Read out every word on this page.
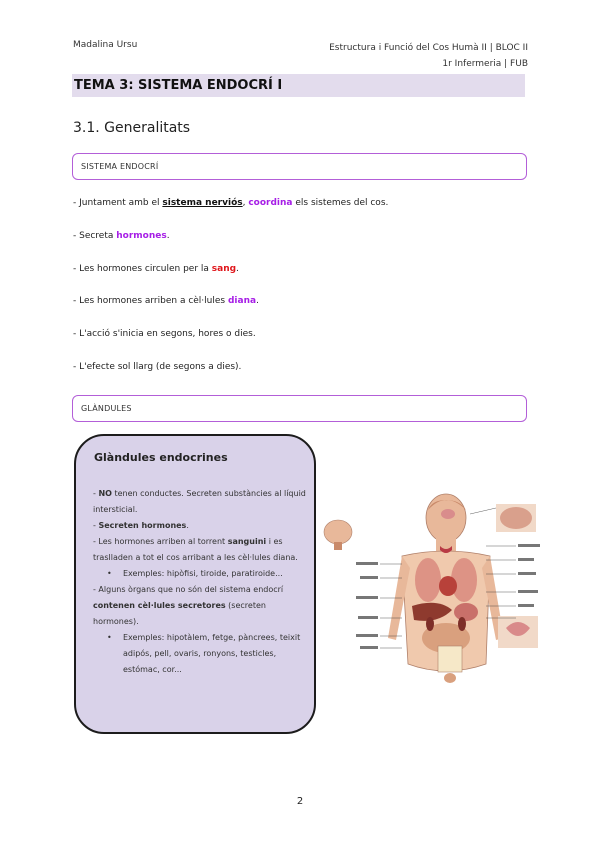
Madalina Ursu	Estructura i Funció del Cos Humà II | BLOC II
1r Infermeria | FUB
TEMA 3: SISTEMA ENDOCRÍ I
3.1. Generalitats
SISTEMA ENDOCRÍ
- Juntament amb el sistema nerviós, coordina els sistemes del cos.
- Secreta hormones.
- Les hormones circulen per la sang.
- Les hormones arriben a cèl·lules diana.
- L'acció s'inicia en segons, hores o dies.
- L'efecte sol llarg (de segons a dies).
GLÀNDULES
Glàndules endocrines

- NO tenen conductes. Secreten substàncies al líquid intersticial.

- Secreten hormones.

- Les hormones arriben al torrent sanguini i es traslladen a tot el cos arribant a les cèl·lules diana.

• Exemples: hipòfisi, tiroide, paratiroide...

- Alguns òrgans que no són del sistema endocrí contenen cèl·lules secretores (secreten hormones).

• Exemples: hipotàlem, fetge, pàncrees, teixit adipós, pell, ovaris, ronyons, testicles, estómac, cor...

2
